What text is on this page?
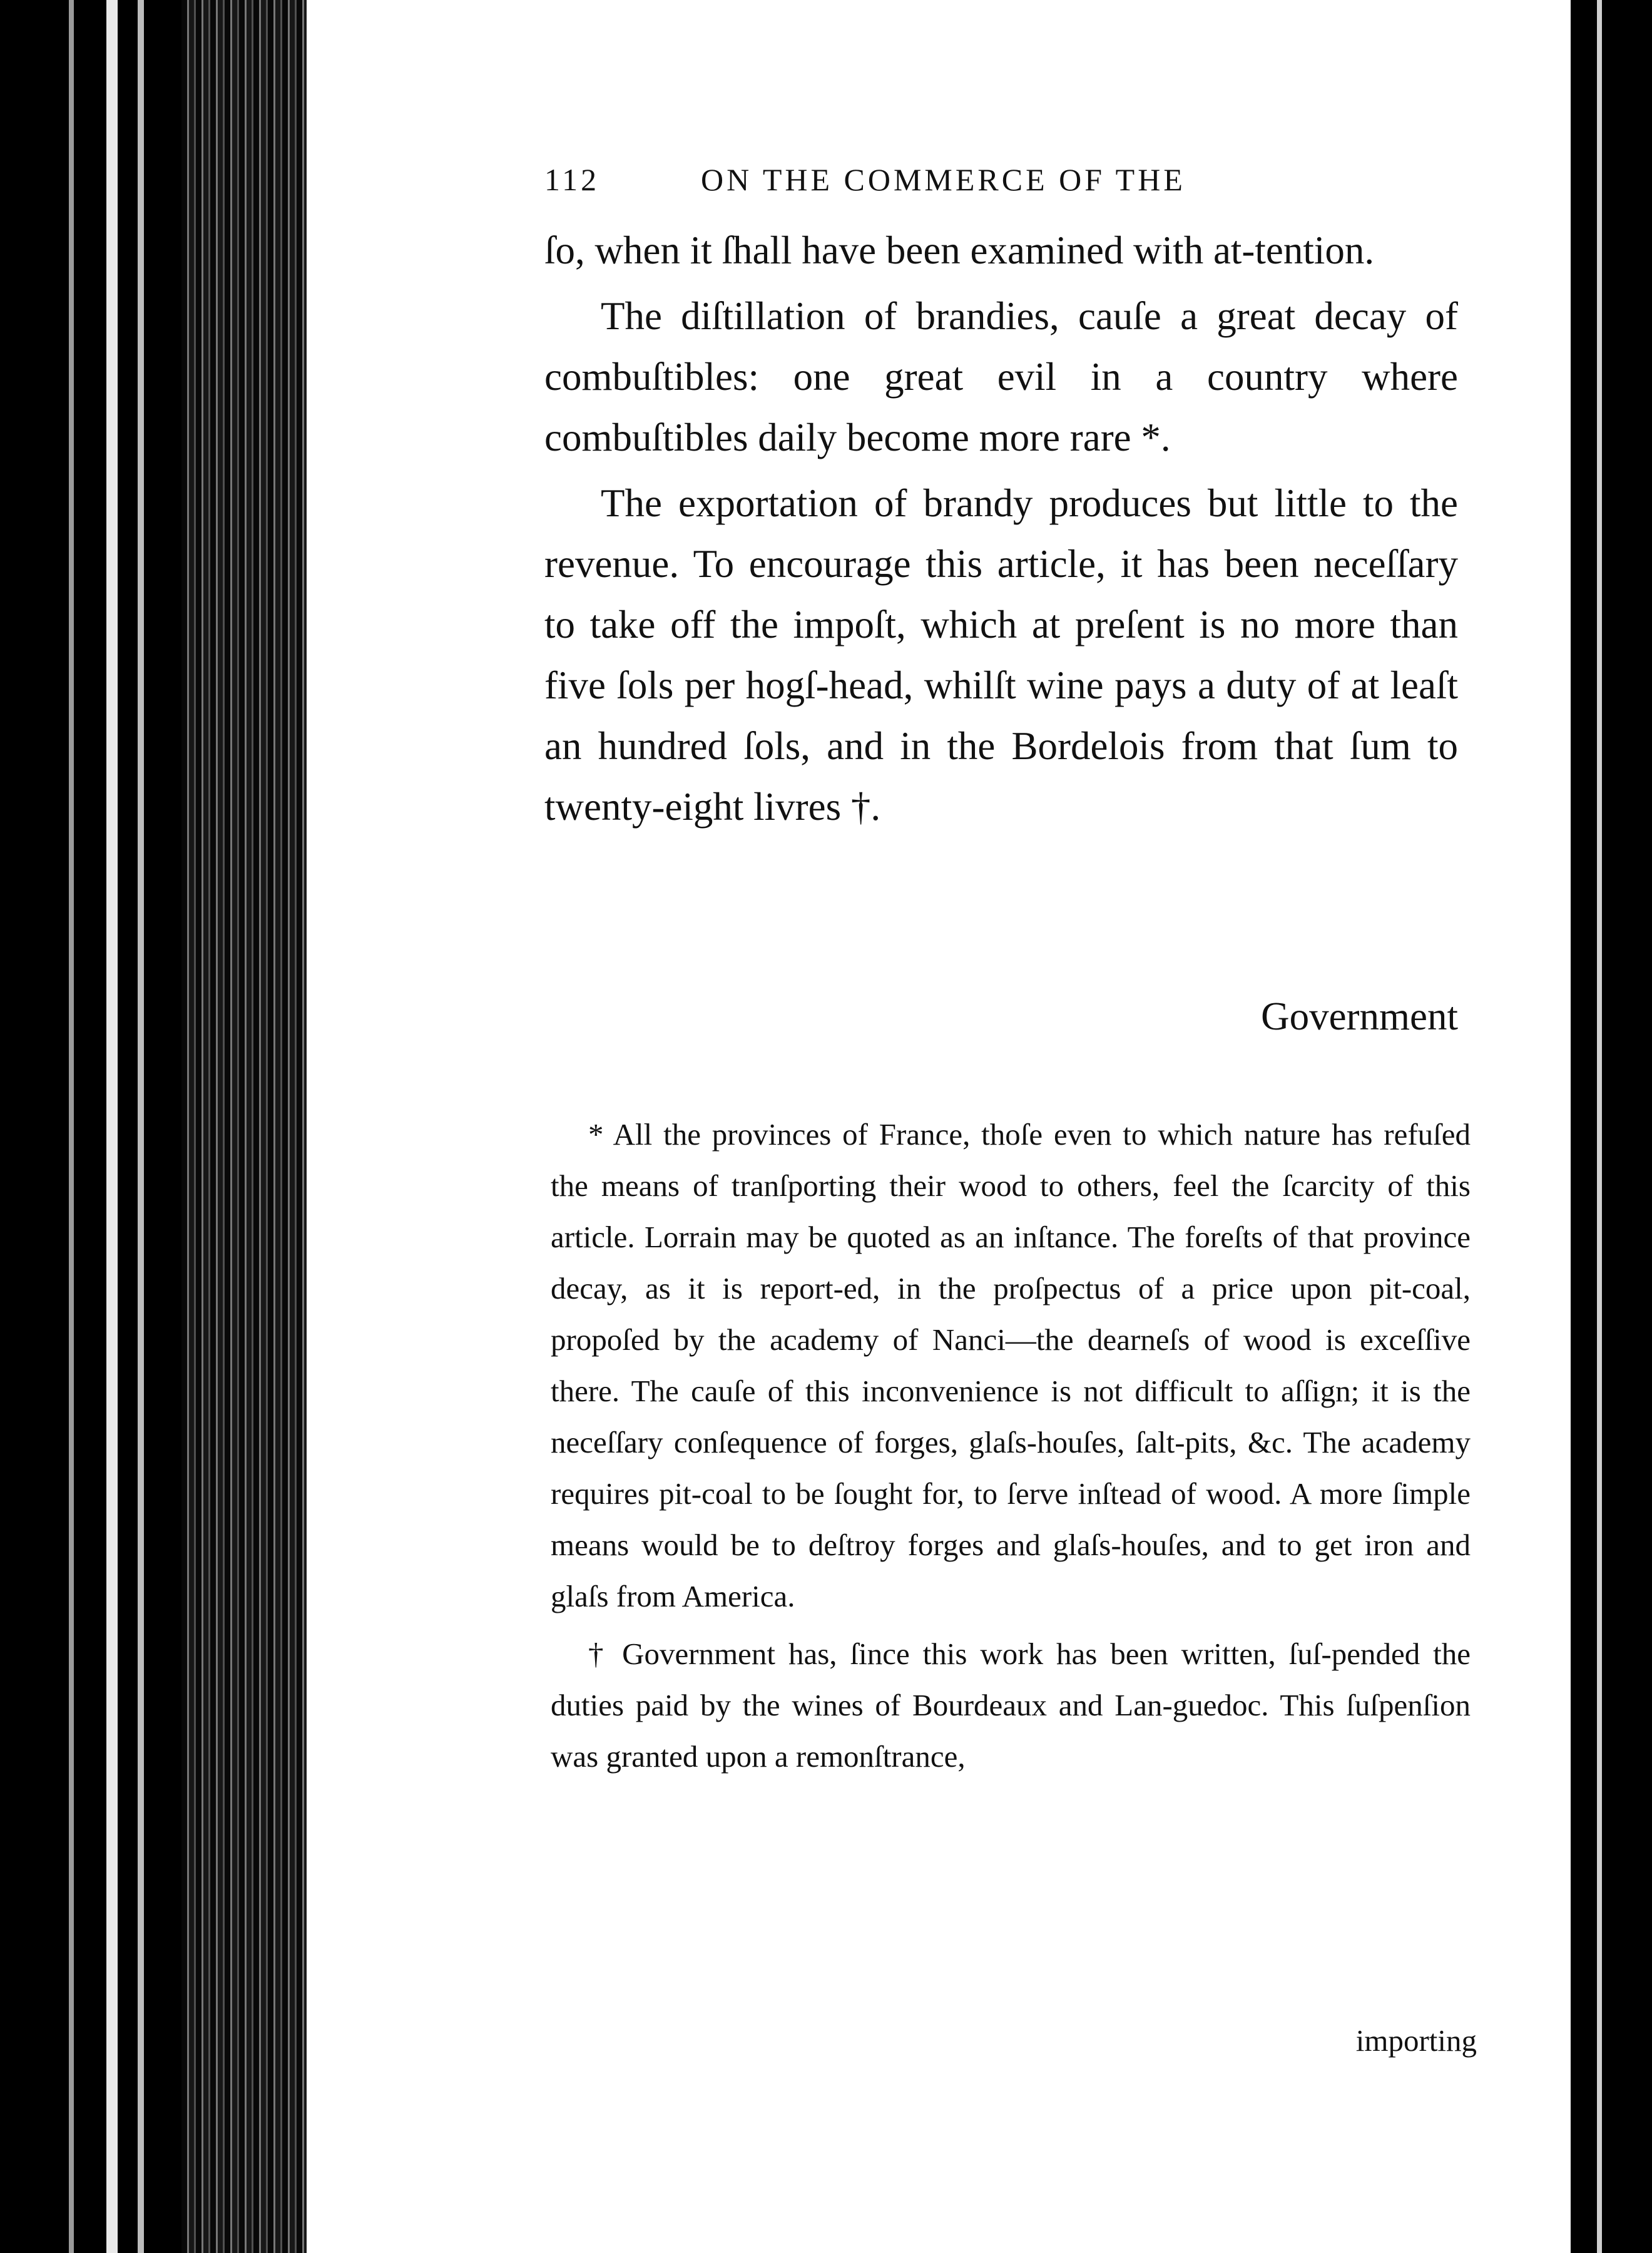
112	ON THE COMMERCE OF THE

ſo, when it ſhall have been examined with at-tention.

The diſtillation of brandies, cauſe a great decay of combuſtibles: one great evil in a country where combuſtibles daily become more rare *.

The exportation of brandy produces but little to the revenue. To encourage this article, it has been neceſſary to take off the impoſt, which at preſent is no more than five ſols per hogſ-head, whilſt wine pays a duty of at leaſt an hundred ſols, and in the Bordelois from that ſum to twenty-eight livres †.

Government

* All the provinces of France, thoſe even to which nature has refuſed the means of tranſporting their wood to others, feel the ſcarcity of this article. Lorrain may be quoted as an inſtance. The foreſts of that province decay, as it is report-ed, in the proſpectus of a price upon pit-coal, propoſed by the academy of Nanci—the dearneſs of wood is exceſſive there. The cauſe of this inconvenience is not difficult to aſſign; it is the neceſſary conſequence of forges, glaſs-houſes, ſalt-pits, &c. The academy requires pit-coal to be ſought for, to ſerve inſtead of wood. A more ſimple means would be to deſtroy forges and glaſs-houſes, and to get iron and glaſs from America.

† Government has, ſince this work has been written, ſuſ-pended the duties paid by the wines of Bourdeaux and Lan-guedoc. This ſuſpenſion was granted upon a remonſtrance,

importing
